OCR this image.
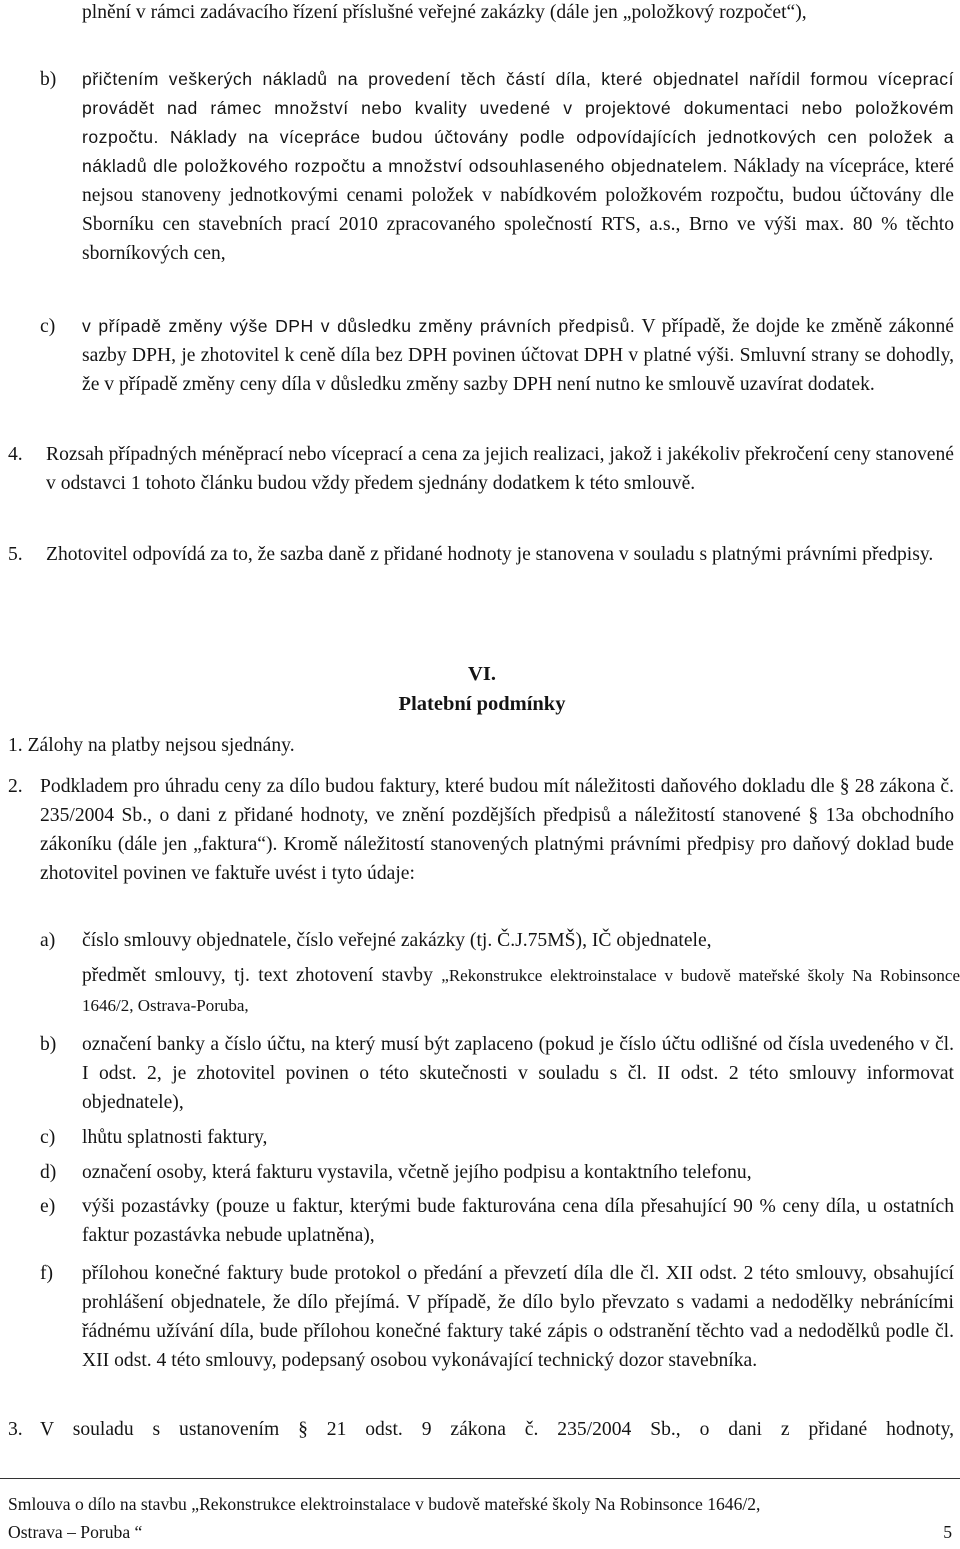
plnění v rámci zadávacího řízení příslušné veřejné zakázky (dále jen „položkový rozpočet“),

b) přičtením veškerých nákladů na provedení těch částí díla, které objednatel nařídil formou víceprací provádět nad rámec množství nebo kvality uvedené v projektové dokumentaci nebo položkovém rozpočtu. Náklady na vícepráce budou účtovány podle odpovídajících jednotkových cen položek a nákladů dle položkového rozpočtu a množství odsouhlaseného objednatelem. Náklady na vícepráce, které nejsou stanoveny jednotkovými cenami položek v nabídkovém položkovém rozpočtu, budou účtovány dle Sborníku cen stavebních prací 2010 zpracovaného společností RTS, a.s., Brno ve výši max. 80 % těchto sborníkových cen,

c) v případě změny výše DPH v důsledku změny právních předpisů. V případě, že dojde ke změně zákonné sazby DPH, je zhotovitel k ceně díla bez DPH povinen účtovat DPH v platné výši. Smluvní strany se dohodly, že v případě změny ceny díla v důsledku změny sazby DPH není nutno ke smlouvě uzavírat dodatek.

4. Rozsah případných méněprací nebo víceprací a cena za jejich realizaci, jakož i jakékoliv překročení ceny stanovené v odstavci 1 tohoto článku budou vždy předem sjednány dodatkem k této smlouvě.

5. Zhotovitel odpovídá za to, že sazba daně z přidané hodnoty je stanovena v souladu s platnými právními předpisy.

VI.
Platební podmínky

1. Zálohy na platby nejsou sjednány.

2. Podkladem pro úhradu ceny za dílo budou faktury, které budou mít náležitosti daňového dokladu dle § 28 zákona č. 235/2004 Sb., o dani z přidané hodnoty, ve znění pozdějších předpisů a náležitostí stanovené § 13a obchodního zákoníku (dále jen „faktura“). Kromě náležitostí stanovených platnými právními předpisy pro daňový doklad bude zhotovitel povinen ve faktuře uvést i tyto údaje:

a) číslo smlouvy objednatele, číslo veřejné zakázky (tj. Č.J.75MŠ), IČ objednatele,

předmět smlouvy, tj. text zhotovení stavby „Rekonstrukce elektroinstalace v budově mateřské školy Na Robinsonce 1646/2, Ostrava-Poruba,

b) označení banky a číslo účtu, na který musí být zaplaceno (pokud je číslo účtu odlišné od čísla uvedeného v čl. I odst. 2, je zhotovitel povinen o této skutečnosti v souladu s čl. II odst. 2 této smlouvy informovat objednatele),

c) lhůtu splatnosti faktury,

d) označení osoby, která fakturu vystavila, včetně jejího podpisu a kontaktního telefonu,

e) výši pozastávky (pouze u faktur, kterými bude fakturována cena díla přesahující 90 % ceny díla, u ostatních faktur pozastávka nebude uplatněna),

f) přílohou konečné faktury bude protokol o předání a převzetí díla dle čl. XII odst. 2 této smlouvy, obsahující prohlášení objednatele, že dílo přejímá. V případě, že dílo bylo převzato s vadami a nedodělky nebránícími řádnému užívání díla, bude přílohou konečné faktury také zápis o odstranění těchto vad a nedodělků podle čl. XII odst. 4 této smlouvy, podepsaný osobou vykonávající technický dozor stavebníka.

3. V souladu s ustanovením § 21 odst. 9 zákona č. 235/2004 Sb., o dani z přidané hodnoty,

Smlouva o dílo na stavbu „Rekonstrukce elektroinstalace v budově mateřské školy Na Robinsonce 1646/2,
Ostrava – Poruba “	5
